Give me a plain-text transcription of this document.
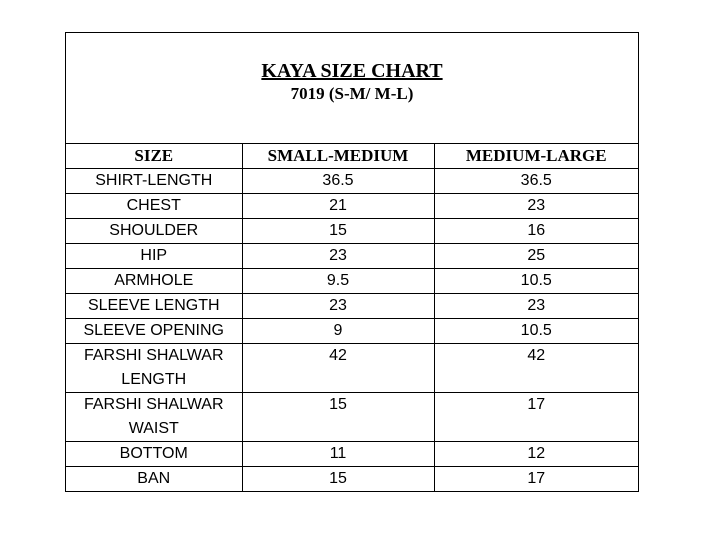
KAYA SIZE CHART
7019 (S-M/ M-L)
SIZE	SMALL-MEDIUM	MEDIUM-LARGE
SHIRT-LENGTH	36.5	36.5
CHEST	21	23
SHOULDER	15	16
HIP	23	25
ARMHOLE	9.5	10.5
SLEEVE LENGTH	23	23
SLEEVE OPENING	9	10.5
FARSHI SHALWAR LENGTH	42	42
FARSHI SHALWAR WAIST	15	17
BOTTOM	11	12
BAN	15	17
